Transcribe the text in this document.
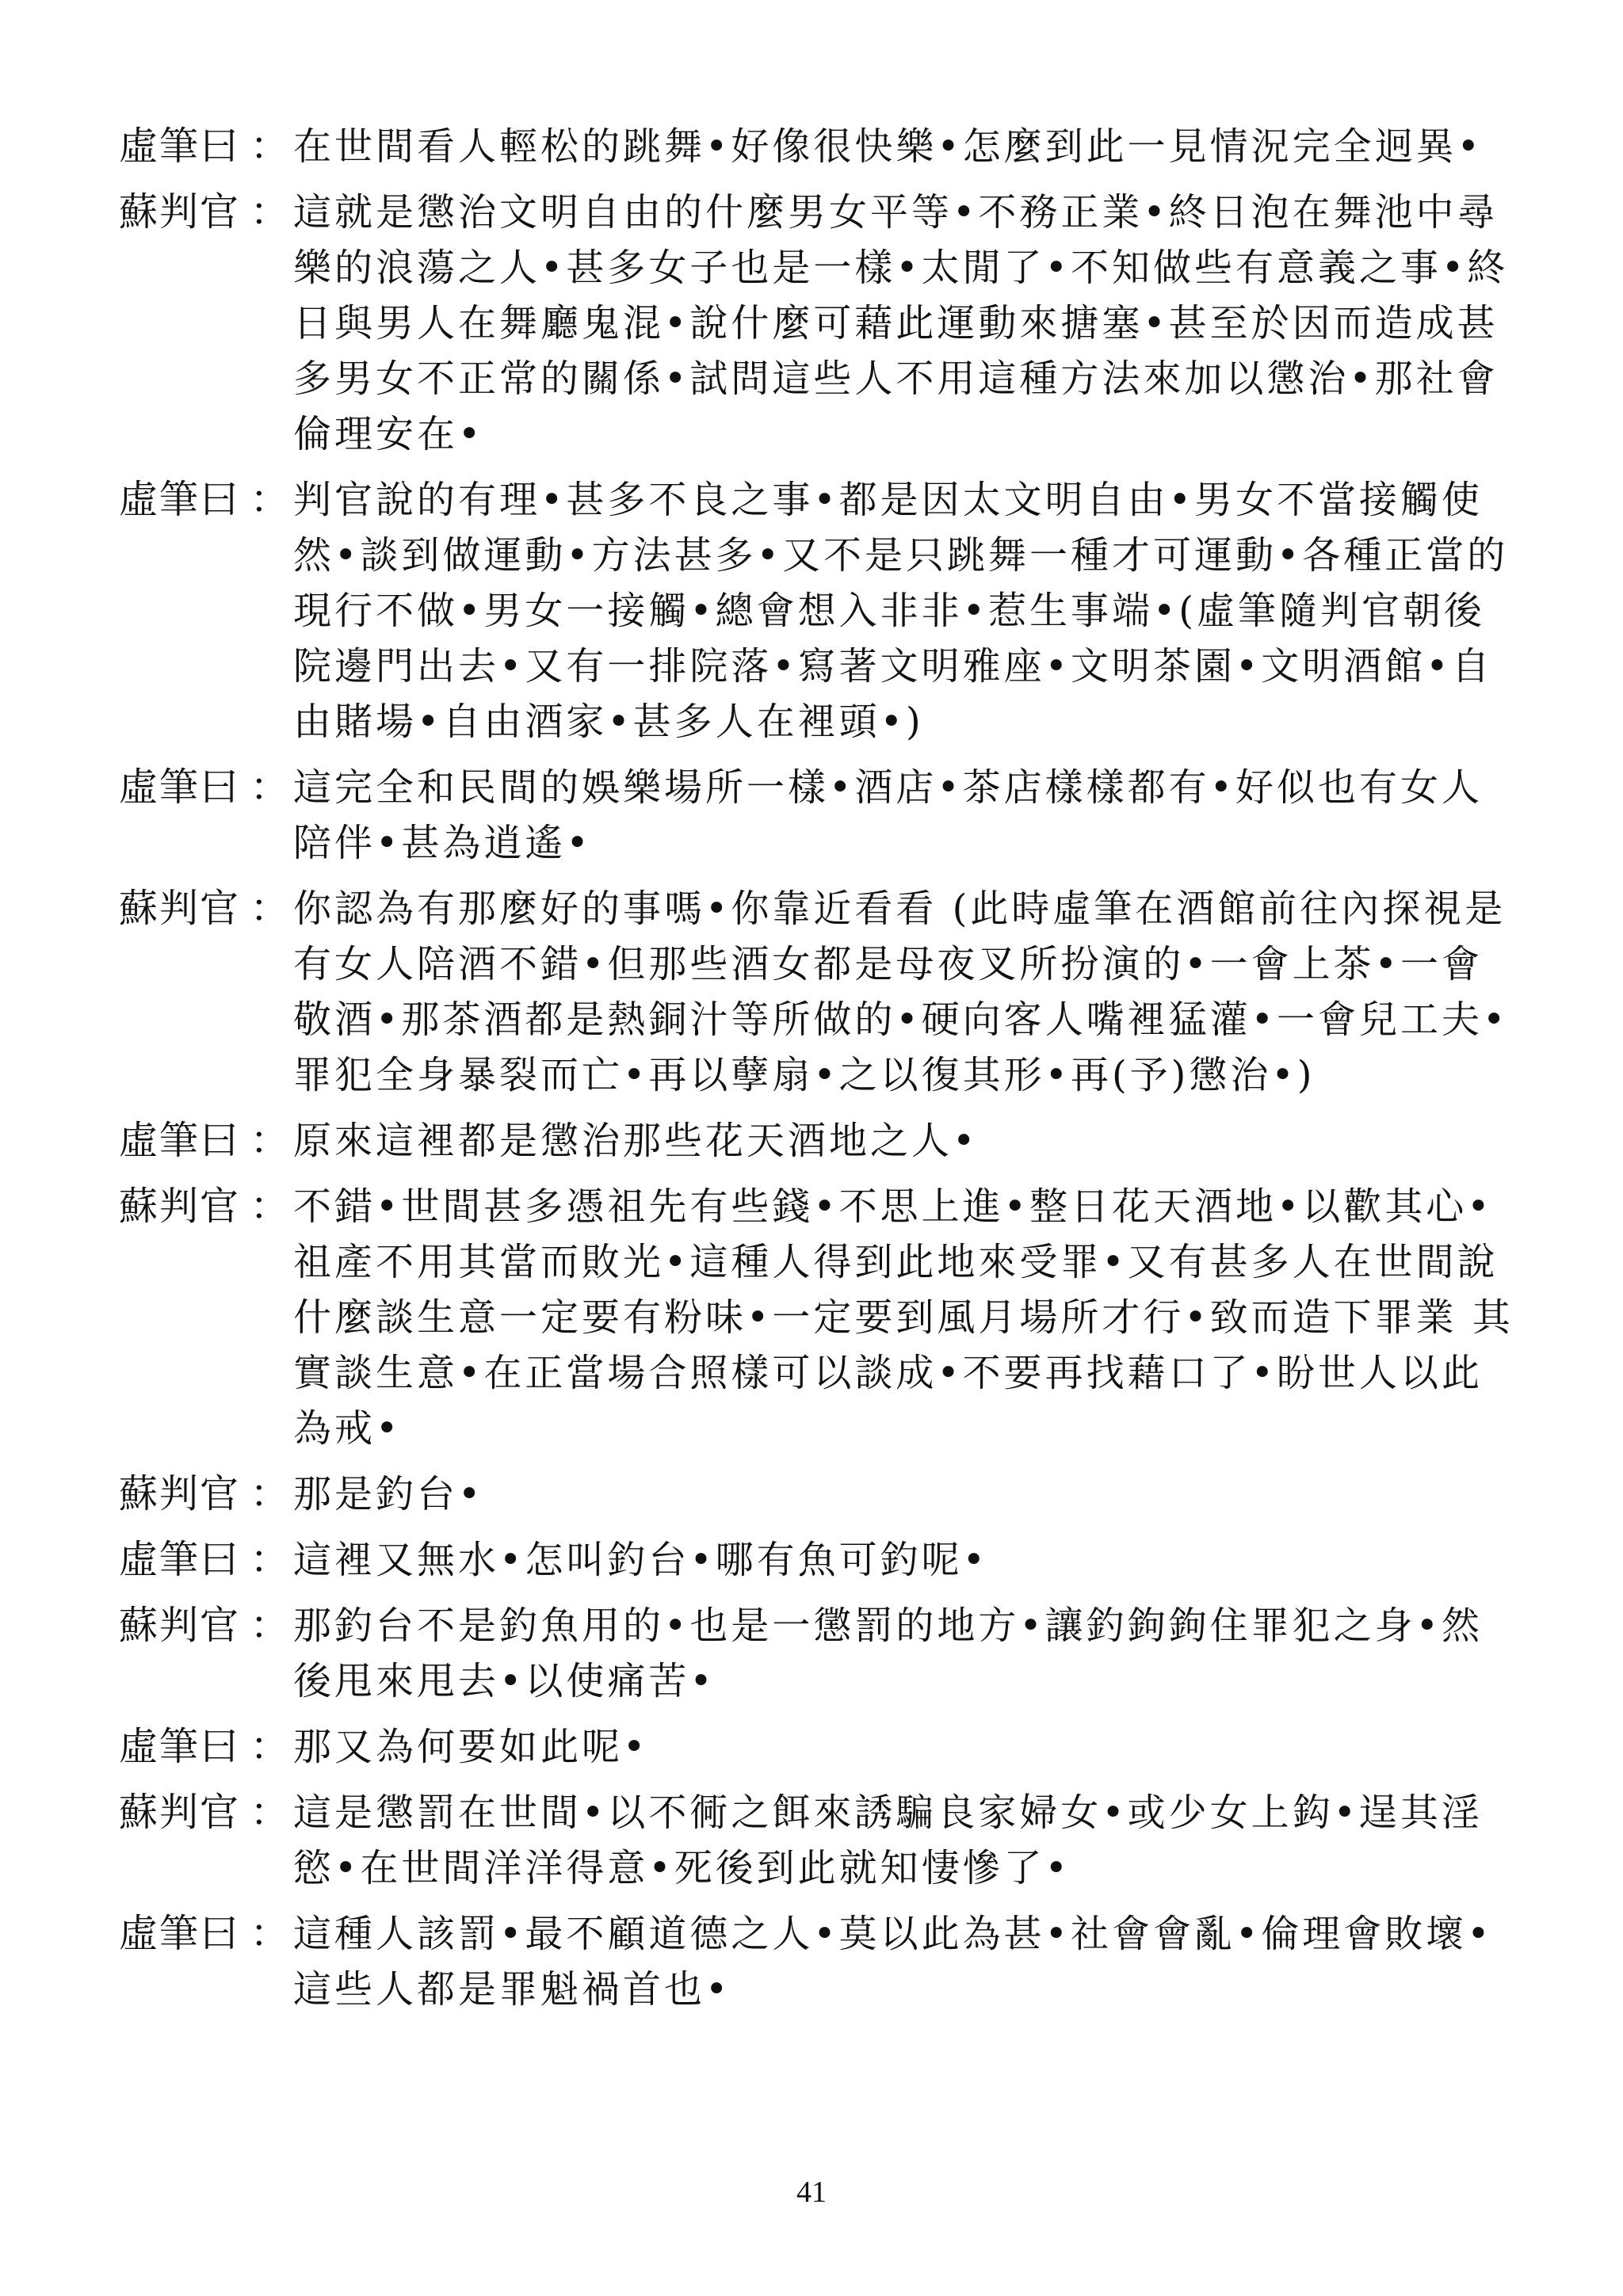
虛筆曰 ： 在世間看人輕松的跳舞•好像很快樂•怎麼到此一見情況完全迥異•
蘇判官 ： 這就是懲治文明自由的什麼男女平等•不務正業•終日泡在舞池中尋樂的浪蕩之人•甚多女子也是一樣•太閒了•不知做些有意義之事•終日與男人在舞廳鬼混•說什麼可藉此運動來搪塞•甚至於因而造成甚多男女不正常的關係•試問這些人不用這種方法來加以懲治•那社會倫理安在•
虛筆曰 ： 判官說的有理•甚多不良之事•都是因太文明自由•男女不當接觸使然•談到做運動•方法甚多•又不是只跳舞一種才可運動•各種正當的現行不做•男女一接觸•總會想入非非•惹生事端•(虛筆隨判官朝後院邊門出去•又有一排院落•寫著文明雅座•文明茶園•文明酒館•自由賭場•自由酒家•甚多人在裡頭•)
虛筆曰 ： 這完全和民間的娛樂場所一樣•酒店•茶店樣樣都有•好似也有女人陪伴•甚為逍遙•
蘇判官 ： 你認為有那麼好的事嗎•你靠近看看 (此時虛筆在酒館前往內探視是有女人陪酒不錯•但那些酒女都是母夜叉所扮演的•一會上茶•一會敬酒•那茶酒都是熱銅汁等所做的•硬向客人嘴裡猛灌•一會兒工夫•罪犯全身暴裂而亡•再以孽扇•之以復其形•再(予)懲治•)
虛筆曰 ： 原來這裡都是懲治那些花天酒地之人•
蘇判官 ： 不錯•世間甚多憑祖先有些錢•不思上進•整日花天酒地•以歡其心•祖產不用其當而敗光•這種人得到此地來受罪•又有甚多人在世間說什麼談生意一定要有粉味•一定要到風月場所才行•致而造下罪業 其實談生意•在正當場合照樣可以談成•不要再找藉口了•盼世人以此為戒•
蘇判官 ： 那是釣台•
虛筆曰 ： 這裡又無水•怎叫釣台•哪有魚可釣呢•
蘇判官 ： 那釣台不是釣魚用的•也是一懲罰的地方•讓釣鉤鉤住罪犯之身•然後甩來甩去•以使痛苦•
虛筆曰 ： 那又為何要如此呢•
蘇判官 ： 這是懲罰在世間•以不衕之餌來誘騙良家婦女•或少女上鈎•逞其淫慾•在世間洋洋得意•死後到此就知悽慘了•
虛筆曰 ： 這種人該罰•最不顧道德之人•莫以此為甚•社會會亂•倫理會敗壞•這些人都是罪魁禍首也•
41
